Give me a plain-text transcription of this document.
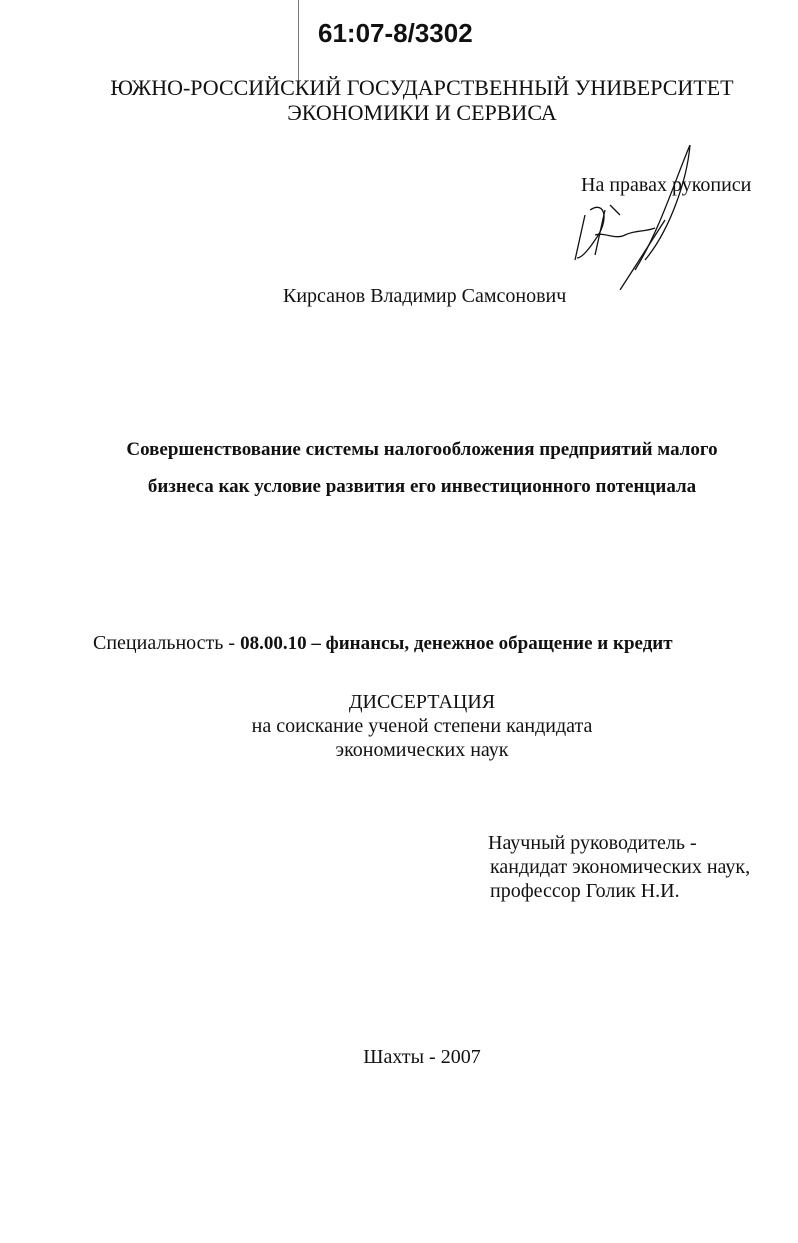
61:07-8/3302
ЮЖНО-РОССИЙСКИЙ ГОСУДАРСТВЕННЫЙ УНИВЕРСИТЕТ
ЭКОНОМИКИ И СЕРВИСА
На правах рукописи
Кирсанов Владимир Самсонович
Совершенствование системы налогообложения предприятий малого
бизнеса как условие развития его инвестиционного потенциала
Специальность - 08.00.10 – финансы, денежное обращение и кредит
ДИССЕРТАЦИЯ
на соискание ученой степени кандидата
экономических наук
Научный руководитель -
кандидат экономических наук,
профессор Голик Н.И.
Шахты - 2007
